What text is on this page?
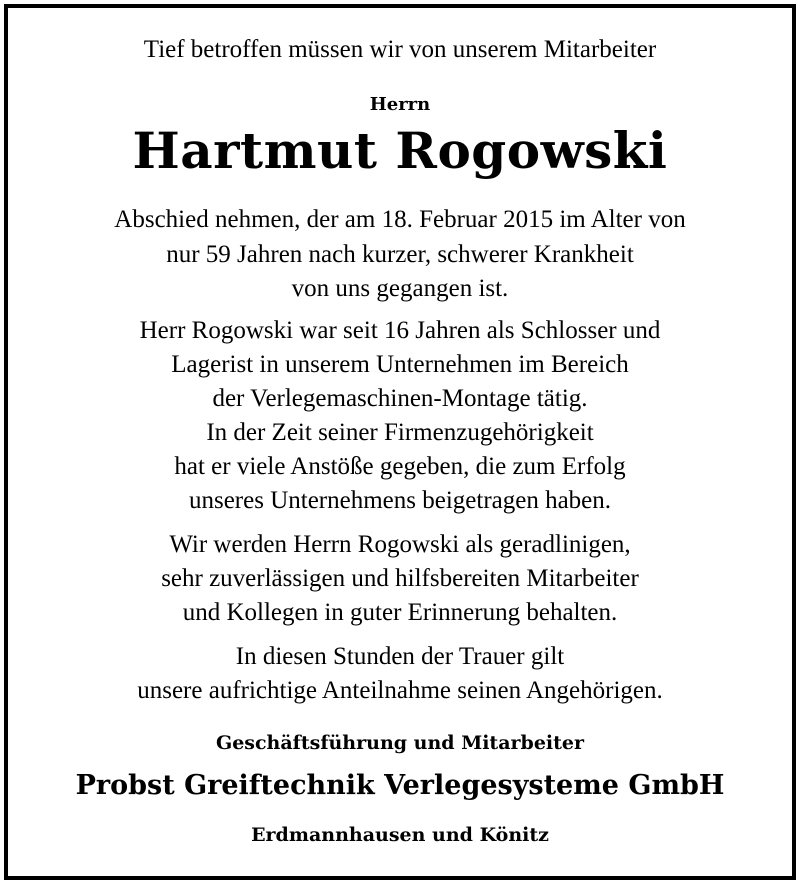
Tief betroffen müssen wir von unserem Mitarbeiter
Herrn
Hartmut Rogowski
Abschied nehmen, der am 18. Februar 2015 im Alter von
nur 59 Jahren nach kurzer, schwerer Krankheit
von uns gegangen ist.
Herr Rogowski war seit 16 Jahren als Schlosser und
Lagerist in unserem Unternehmen im Bereich
der Verlegemaschinen-Montage tätig.
In der Zeit seiner Firmenzugehörigkeit
hat er viele Anstöße gegeben, die zum Erfolg
unseres Unternehmens beigetragen haben.
Wir werden Herrn Rogowski als geradlinigen,
sehr zuverlässigen und hilfsbereiten Mitarbeiter
und Kollegen in guter Erinnerung behalten.
In diesen Stunden der Trauer gilt
unsere aufrichtige Anteilnahme seinen Angehörigen.
Geschäftsführung und Mitarbeiter
Probst Greiftechnik Verlegesysteme GmbH
Erdmannhausen und Könitz
